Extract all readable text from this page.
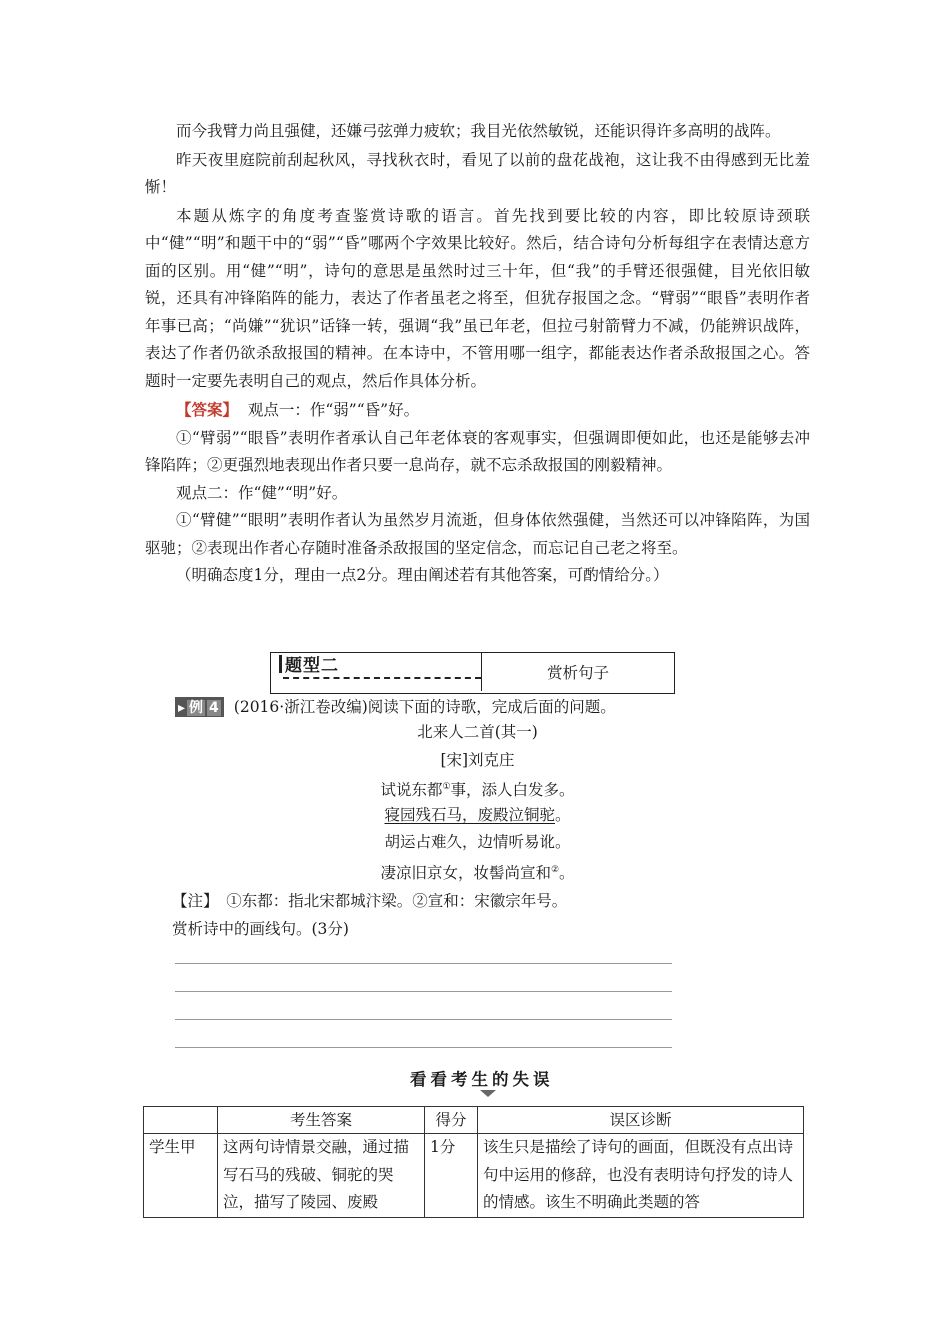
而今我臂力尚且强健，还嫌弓弦弹力疲软；我目光依然敏锐，还能识得许多高明的战阵。

昨天夜里庭院前刮起秋风，寻找秋衣时，看见了以前的盘花战袍，这让我不由得感到无比羞惭！

本题从炼字的角度考查鉴赏诗歌的语言。首先找到要比较的内容，即比较原诗颈联中“健”“明”和题干中的“弱”“昏”哪两个字效果比较好。然后，结合诗句分析每组字在表情达意方面的区别。用“健”“明”，诗句的意思是虽然时过三十年，但“我”的手臂还很强健，目光依旧敏锐，还具有冲锋陷阵的能力，表达了作者虽老之将至，但犹存报国之念。“臂弱”“眼昏”表明作者年事已高；“尚嫌”“犹识”话锋一转，强调“我”虽已年老，但拉弓射箭臂力不减，仍能辨识战阵，表达了作者仍欲杀敌报国的精神。在本诗中，不管用哪一组字，都能表达作者杀敌报国之心。答题时一定要先表明自己的观点，然后作具体分析。

【答案】 观点一：作“弱”“昏”好。

①“臂弱”“眼昏”表明作者承认自己年老体衰的客观事实，但强调即便如此，也还是能够去冲锋陷阵；②更强烈地表现出作者只要一息尚存，就不忘杀敌报国的刚毅精神。

观点二：作“健”“明”好。

①“臂健”“眼明”表明作者认为虽然岁月流逝，但身体依然强健，当然还可以冲锋陷阵，为国驱驰；②表现出作者心存随时准备杀敌报国的坚定信念，而忘记自己老之将至。

（明确态度1分，理由一点2分。理由阐述若有其他答案，可酌情给分。）

题型二	赏析句子
▸ 例 4 (2016·浙江卷改编)阅读下面的诗歌，完成后面的问题。
北来人二首(其一)
[宋]刘克庄
试说东都①事，添人白发多。
寝园残石马，废殿泣铜驼。
胡运占难久，边情听易讹。
凄凉旧京女，妆髻尚宣和②。
【注】　①东都：指北宋都城汴梁。②宣和：宋徽宗年号。
赏析诗中的画线句。(3分)
看看考生的失误
	考生答案	得分	误区诊断
学生甲	这两句诗情景交融，通过描写石马的残破、铜驼的哭泣，描写了陵园、废殿	1分	该生只是描绘了诗句的画面，但既没有点出诗句中运用的修辞，也没有表明诗句抒发的诗人的情感。该生不明确此类题的答
